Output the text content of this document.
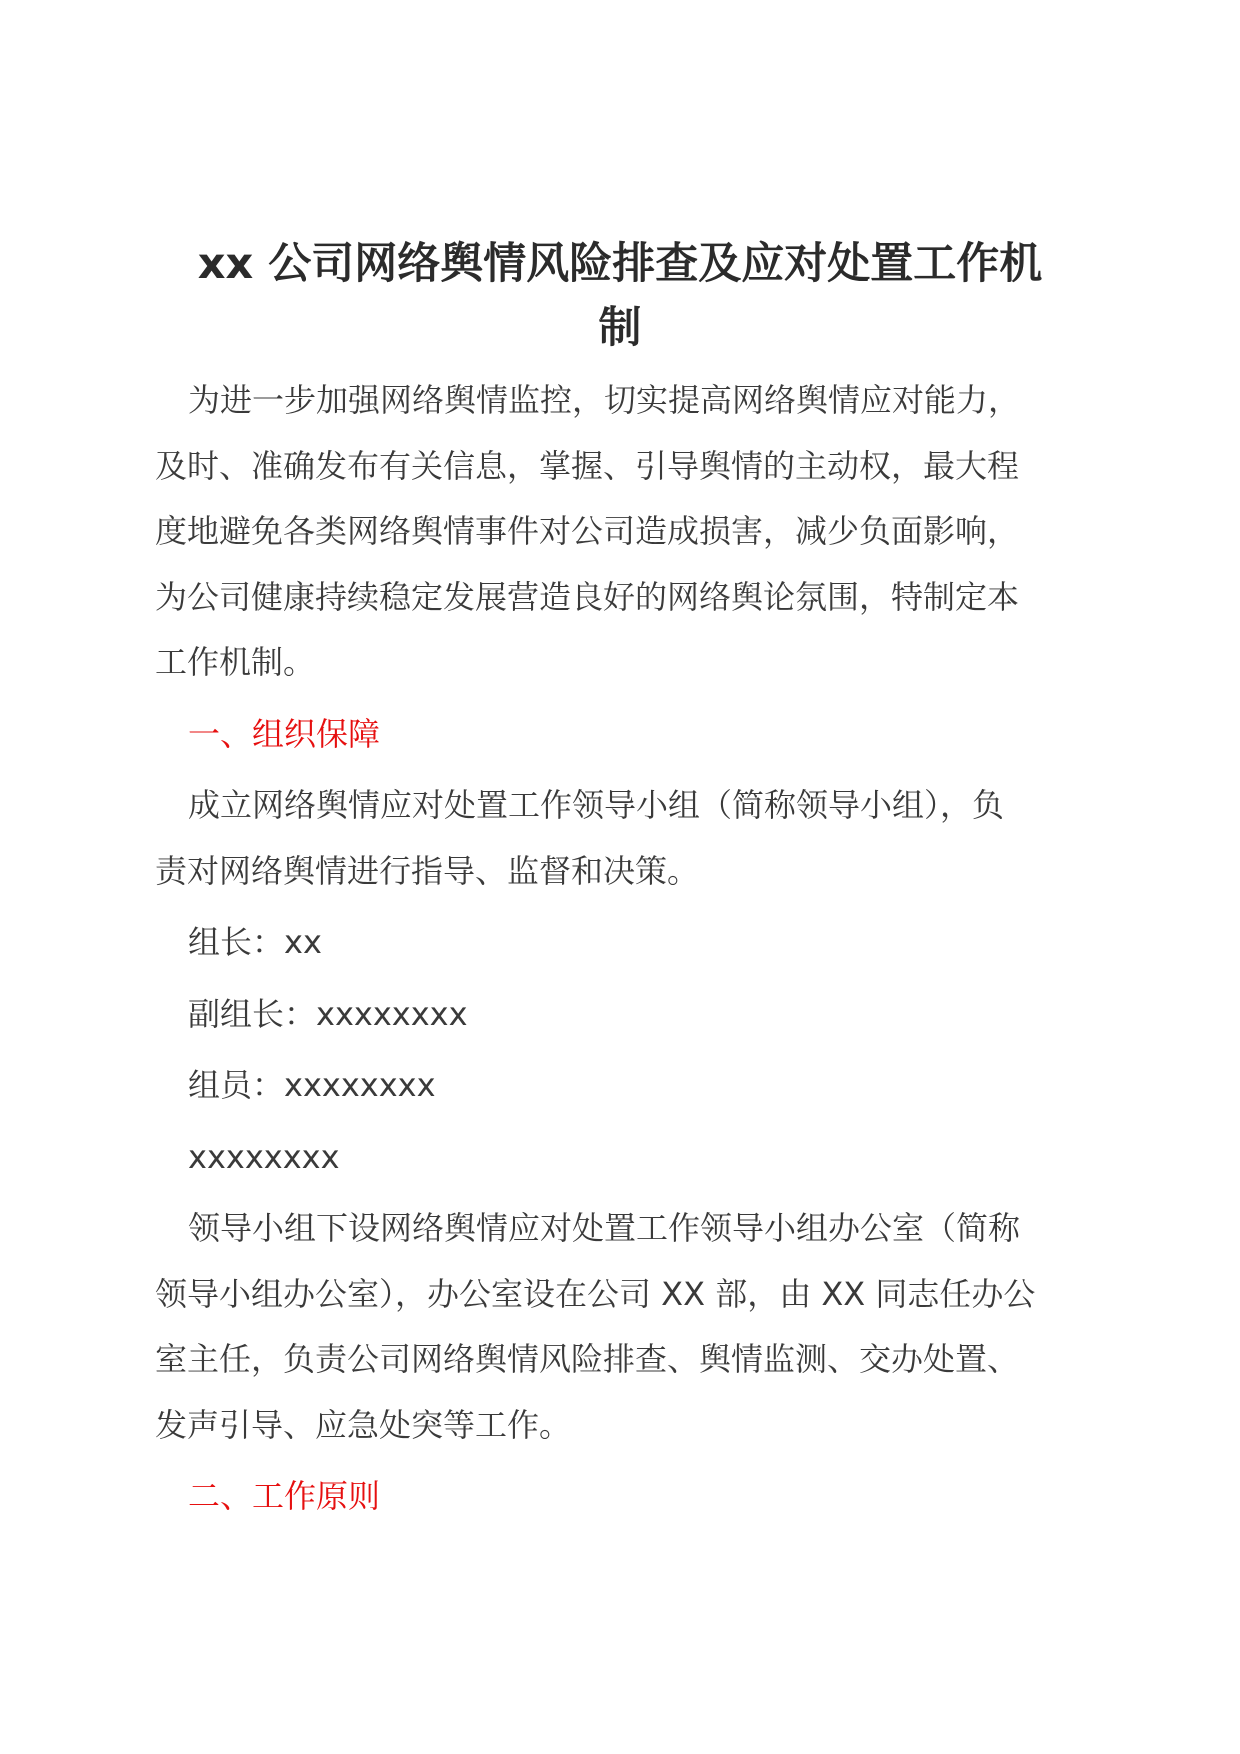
xx 公司网络舆情风险排查及应对处置工作机
制

为进一步加强网络舆情监控，切实提高网络舆情应对能力，
及时、准确发布有关信息，掌握、引导舆情的主动权，最大程
度地避免各类网络舆情事件对公司造成损害，减少负面影响，
为公司健康持续稳定发展营造良好的网络舆论氛围，特制定本
工作机制。

一、组织保障

成立网络舆情应对处置工作领导小组（简称领导小组），负
责对网络舆情进行指导、监督和决策。

组长：xx

副组长：xxxxxxxx

组员：xxxxxxxx

xxxxxxxx

领导小组下设网络舆情应对处置工作领导小组办公室（简称
领导小组办公室），办公室设在公司 XX 部，由 XX 同志任办公
室主任，负责公司网络舆情风险排查、舆情监测、交办处置、
发声引导、应急处突等工作。

二、工作原则
